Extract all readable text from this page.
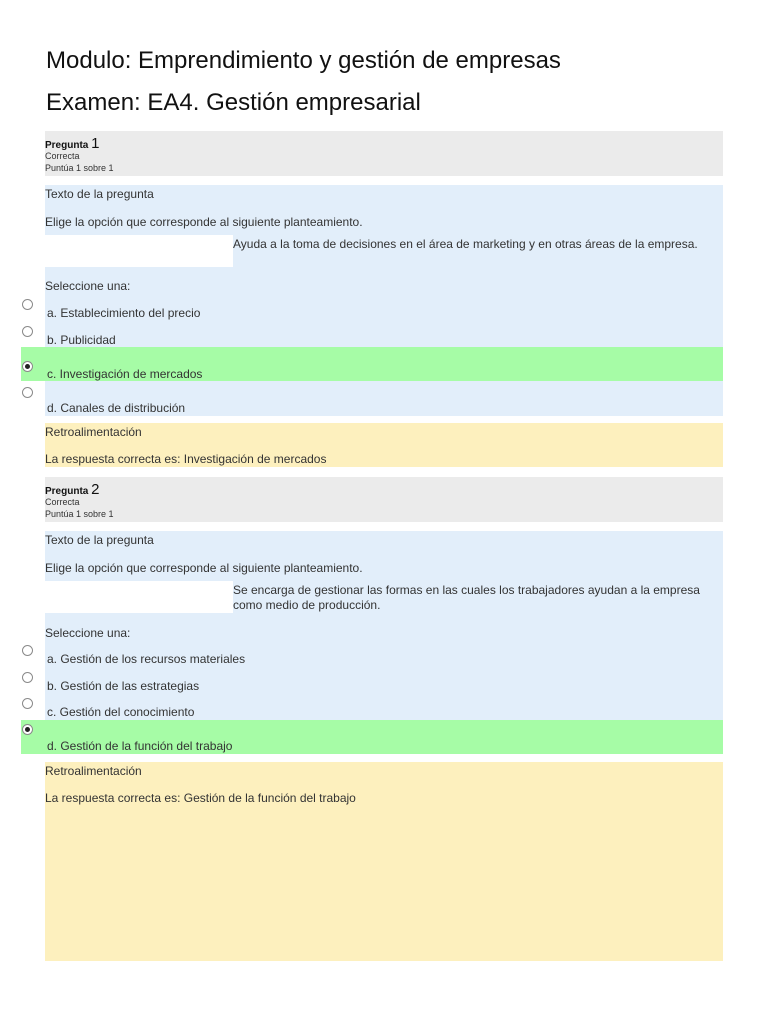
Modulo: Emprendimiento y gestión de empresas
Examen: EA4. Gestión empresarial
Pregunta 1
Correcta
Puntúa 1 sobre 1
Texto de la pregunta
Elige la opción que corresponde al siguiente planteamiento.
Ayuda a la toma de decisiones en el área de marketing y en otras áreas de la empresa.
Seleccione una:
a. Establecimiento del precio
b. Publicidad
c. Investigación de mercados
d. Canales de distribución
Retroalimentación
La respuesta correcta es: Investigación de mercados
Pregunta 2
Correcta
Puntúa 1 sobre 1
Texto de la pregunta
Elige la opción que corresponde al siguiente planteamiento.
Se encarga de gestionar las formas en las cuales los trabajadores ayudan a la empresa como medio de producción.
Seleccione una:
a. Gestión de los recursos materiales
b. Gestión de las estrategias
c. Gestión del conocimiento
d. Gestión de la función del trabajo
Retroalimentación
La respuesta correcta es: Gestión de la función del trabajo
